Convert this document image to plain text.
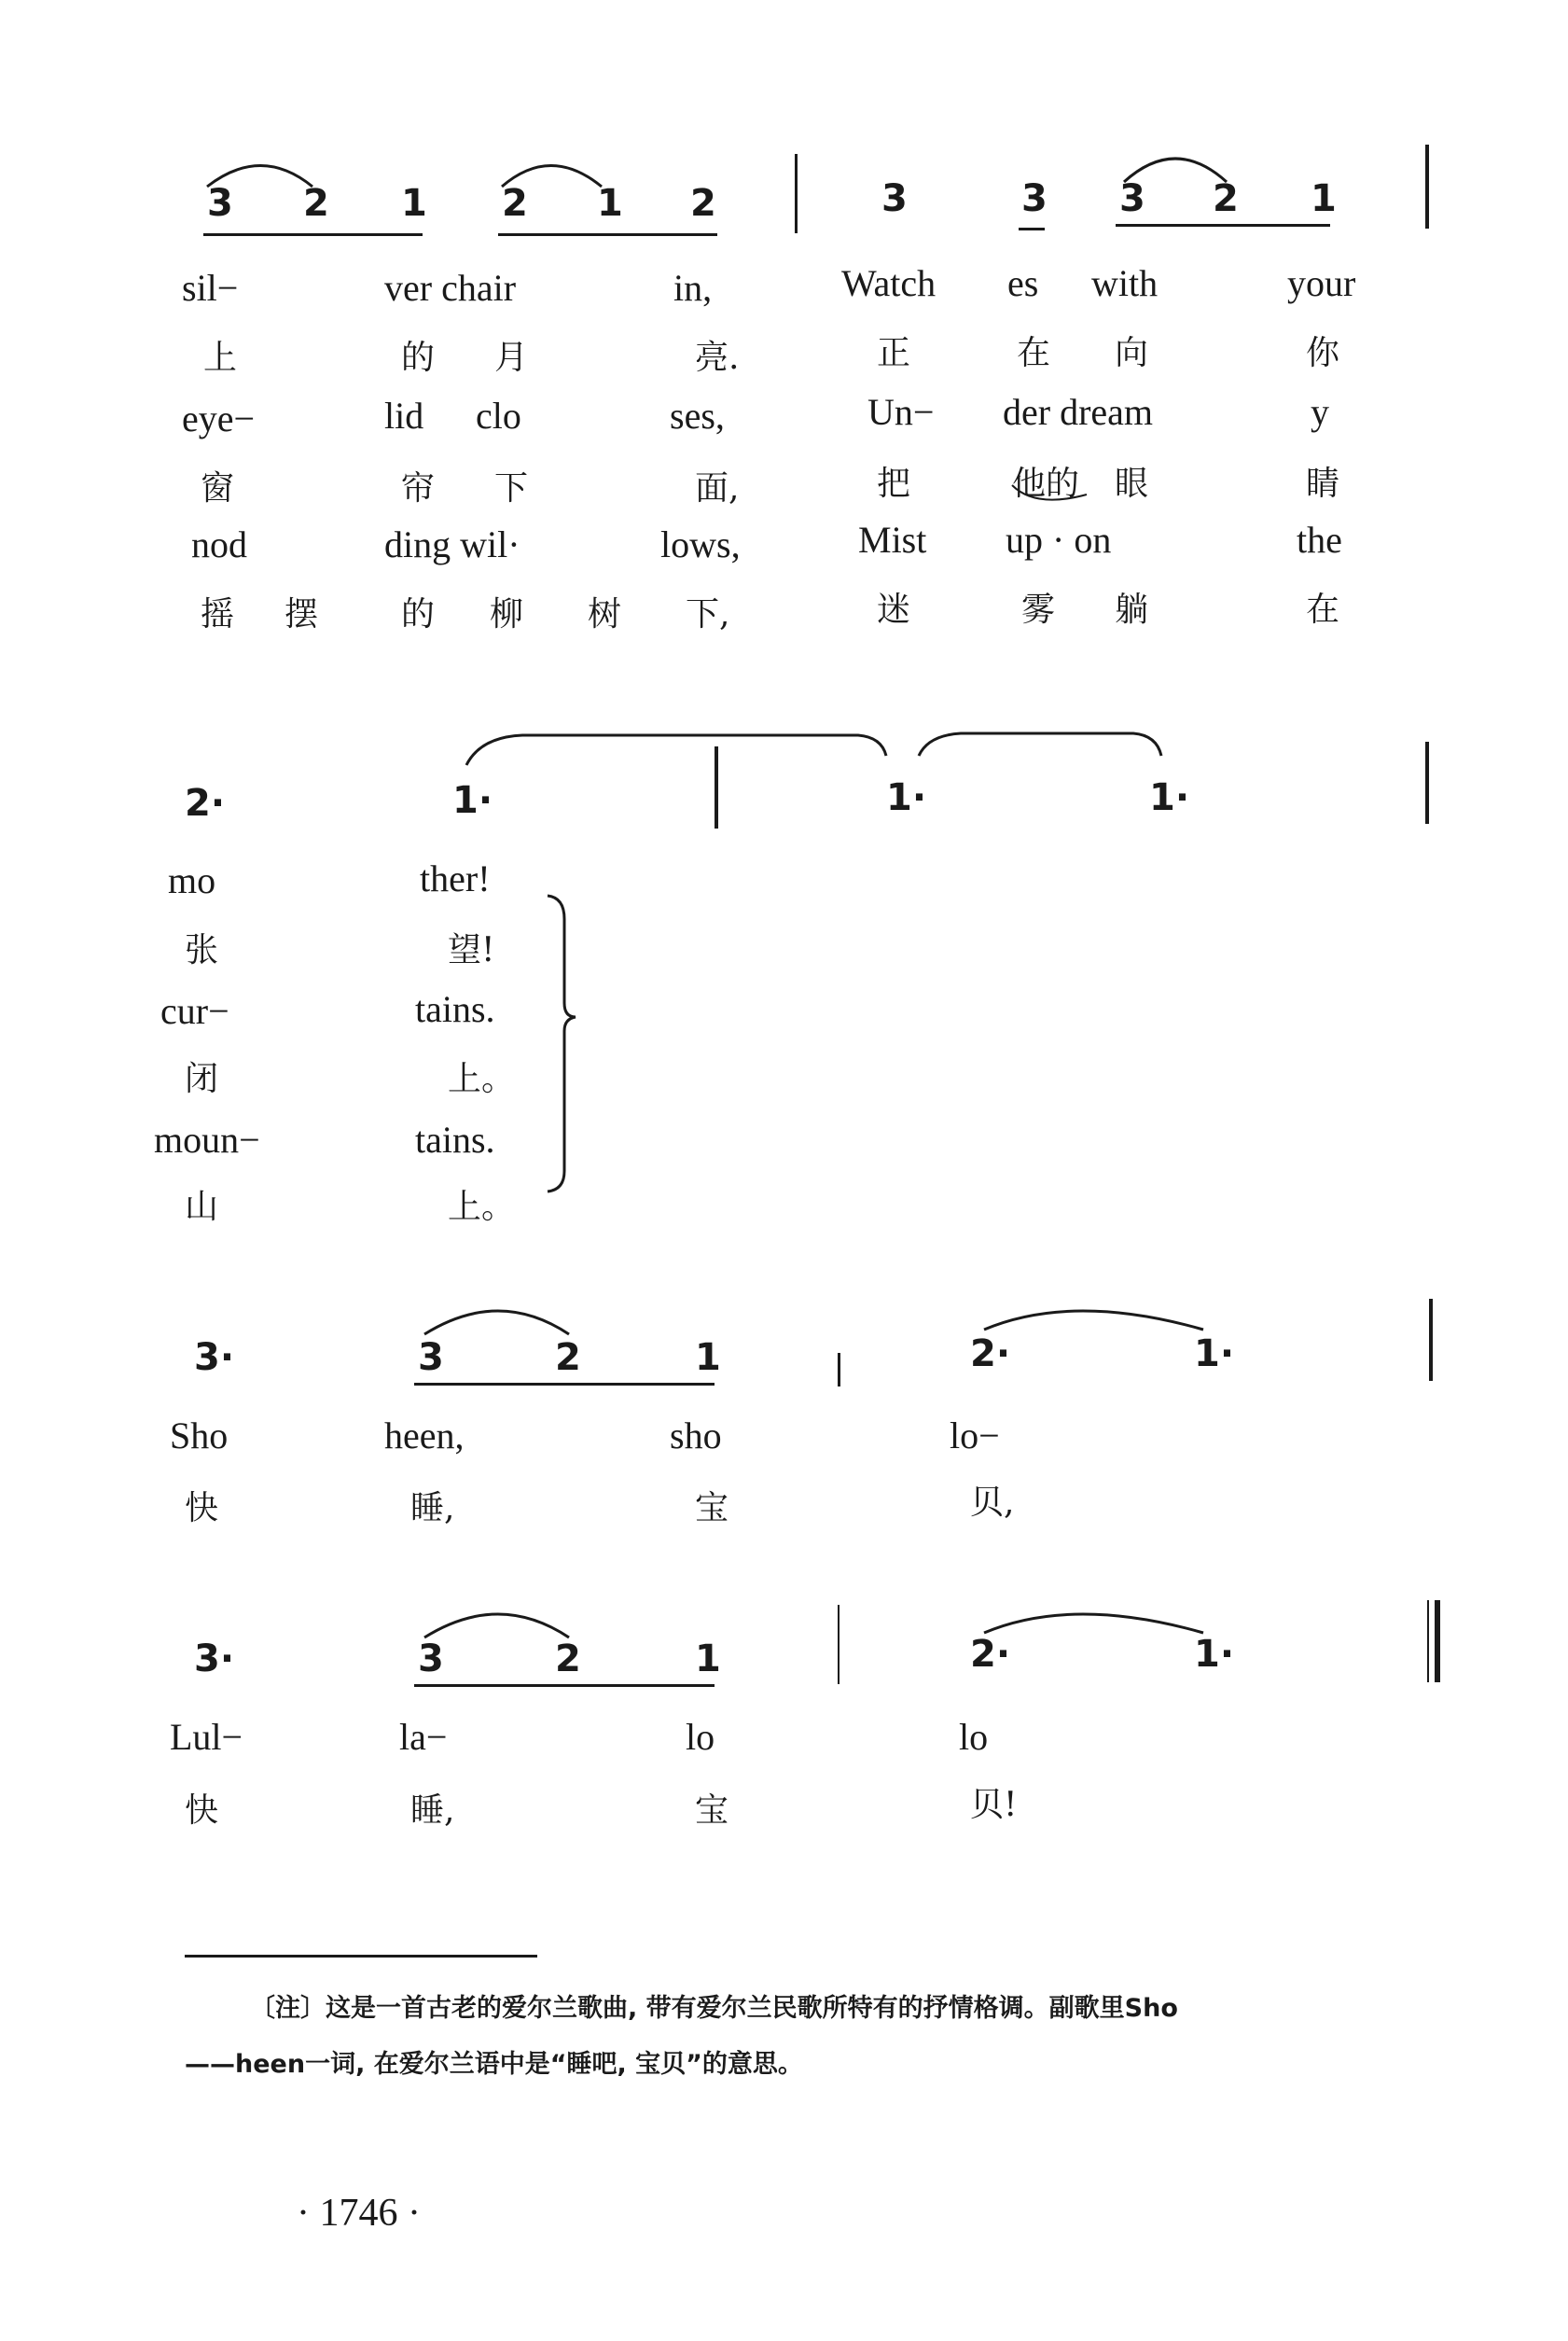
3 2 1 2 1 2	3	3 3 2 1
sil−	ver chair	in,	Watch es with	your
上	的 月	亮.	正	在 向	你
eye−	lid clo	ses,	Un− der dream	y
窗	帘 下	面,	把	他的 眼	睛
nod	ding wil·	lows,	Mist up · on	the
摇 摆 的 柳 树 下,	迷	雾 躺	在
2·	1·	1·	1·
mo	ther!
张	望!
cur−	tains.
闭	上。
moun−	tains.
山	上。
3·	3	2	1	2·	1·
Sho	heen,	sho	lo−
快	睡,	宝	贝,
3·	3	2	1	2·	1·
Lul−	la−	lo	lo
快	睡,	宝	贝!
〔注〕这是一首古老的爱尔兰歌曲, 带有爱尔兰民歌所特有的抒情格调。副歌里Sho
——heen一词, 在爱尔兰语中是“睡吧, 宝贝”的意思。
· 1746 ·
